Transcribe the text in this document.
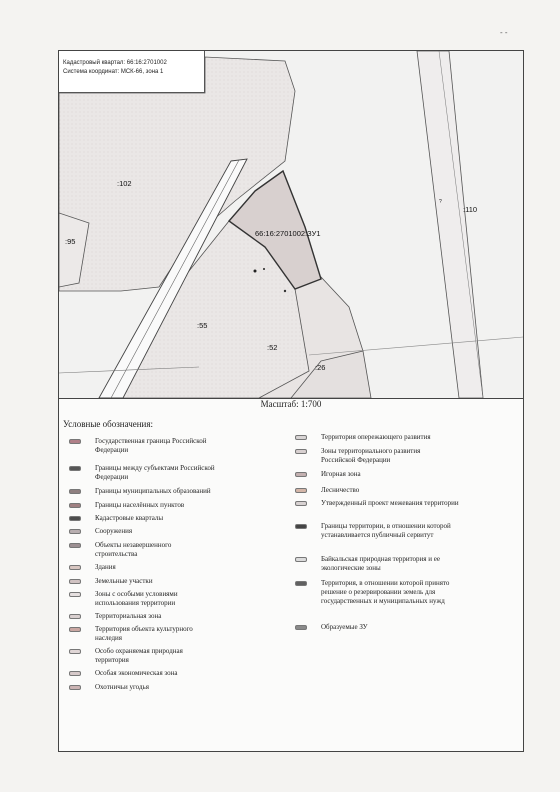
- -
Кадастровый квартал: 66:16:2701002
Система координат: МСК-66, зона 1
:102
:95
:55
:52
:26
:110
66:16:2701002:ЗУ1
?
Масштаб: 1:700
Условные обозначения:
Государственная граница Российской Федерации
Границы между субъектами Российской Федерации
Границы муниципальных образований
Границы населённых пунктов
Кадастровые кварталы
Сооружения
Объекты незавершенного строительства
Здания
Земельные участки
Зоны с особыми условиями использования территории
Территориальная зона
Территория объекта культурного наследия
Особо охраняемая природная территория
Особая экономическая зона
Охотничьи угодья
Территория опережающего развития
Зоны территориального развития Российской Федерации
Игорная зона
Лесничество
Утвержденный проект межевания территории
Границы территории, в отношении которой устанавливается публичный сервитут
Байкальская природная территория и ее экологические зоны
Территория, в отношении которой принято решение о резервировании земель для государственных и муниципальных нужд
Образуемые ЗУ
